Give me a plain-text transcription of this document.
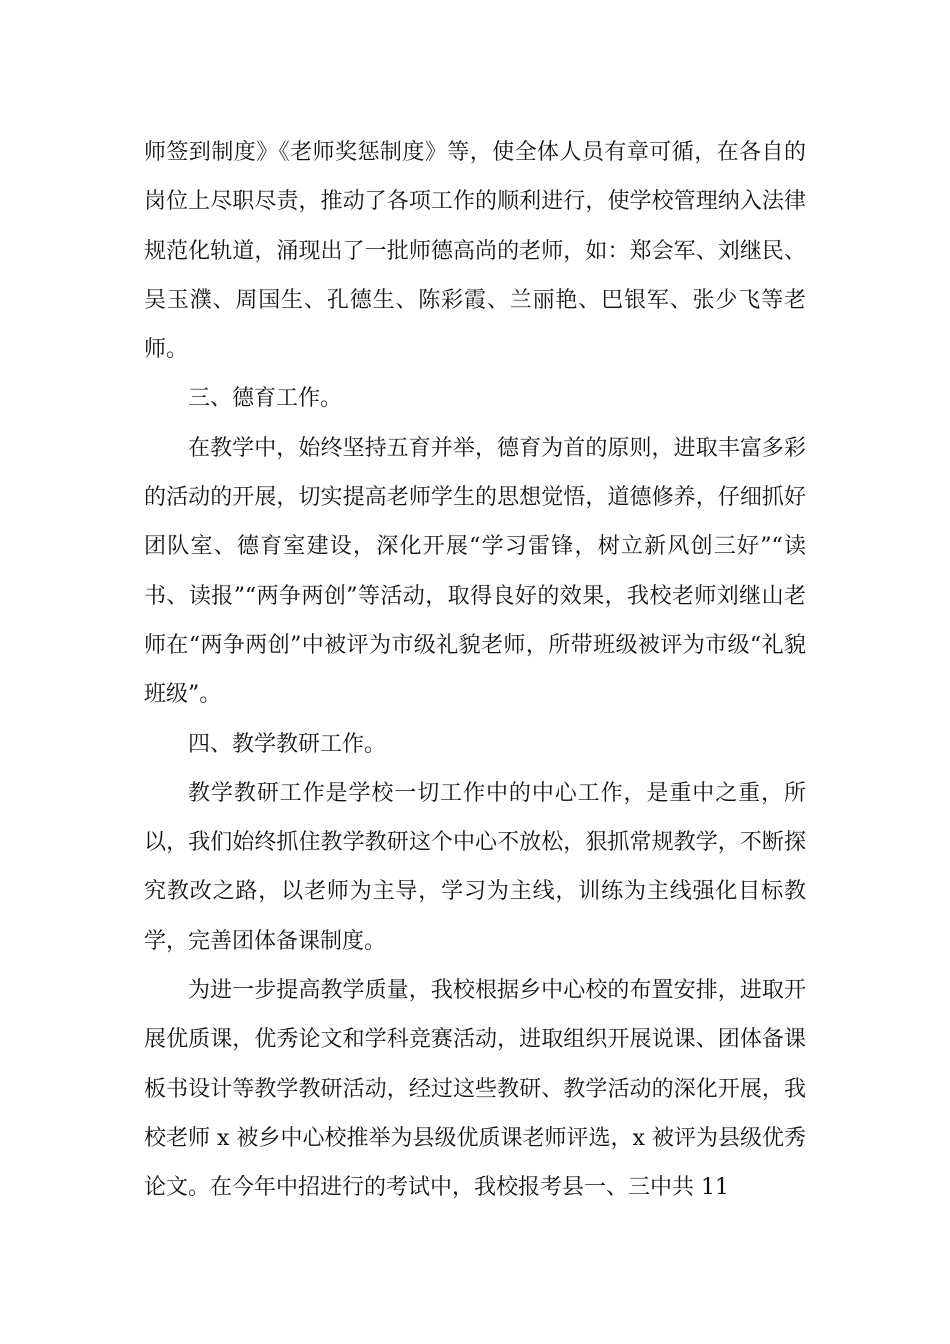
师签到制度》《老师奖惩制度》等，使全体人员有章可循，在各自的岗位上尽职尽责，推动了各项工作的顺利进行，使学校管理纳入法律规范化轨道，涌现出了一批师德高尚的老师，如：郑会军、刘继民、吴玉濮、周国生、孔德生、陈彩霞、兰丽艳、巴银军、张少飞等老师。

三、德育工作。

在教学中，始终坚持五育并举，德育为首的原则，进取丰富多彩的活动的开展，切实提高老师学生的思想觉悟，道德修养，仔细抓好团队室、德育室建设，深化开展“学习雷锋，树立新风创三好”“读书、读报”“两争两创”等活动，取得良好的效果，我校老师刘继山老师在“两争两创”中被评为市级礼貌老师，所带班级被评为市级“礼貌班级”。

四、教学教研工作。

教学教研工作是学校一切工作中的中心工作，是重中之重，所以，我们始终抓住教学教研这个中心不放松，狠抓常规教学，不断探究教改之路，以老师为主导，学习为主线，训练为主线强化目标教学，完善团体备课制度。

为进一步提高教学质量，我校根据乡中心校的布置安排，进取开展优质课，优秀论文和学科竞赛活动，进取组织开展说课、团体备课板书设计等教学教研活动，经过这些教研、教学活动的深化开展，我校老师 x 被乡中心校推举为县级优质课老师评选，x 被评为县级优秀论文。在今年中招进行的考试中，我校报考县一、三中共 11
